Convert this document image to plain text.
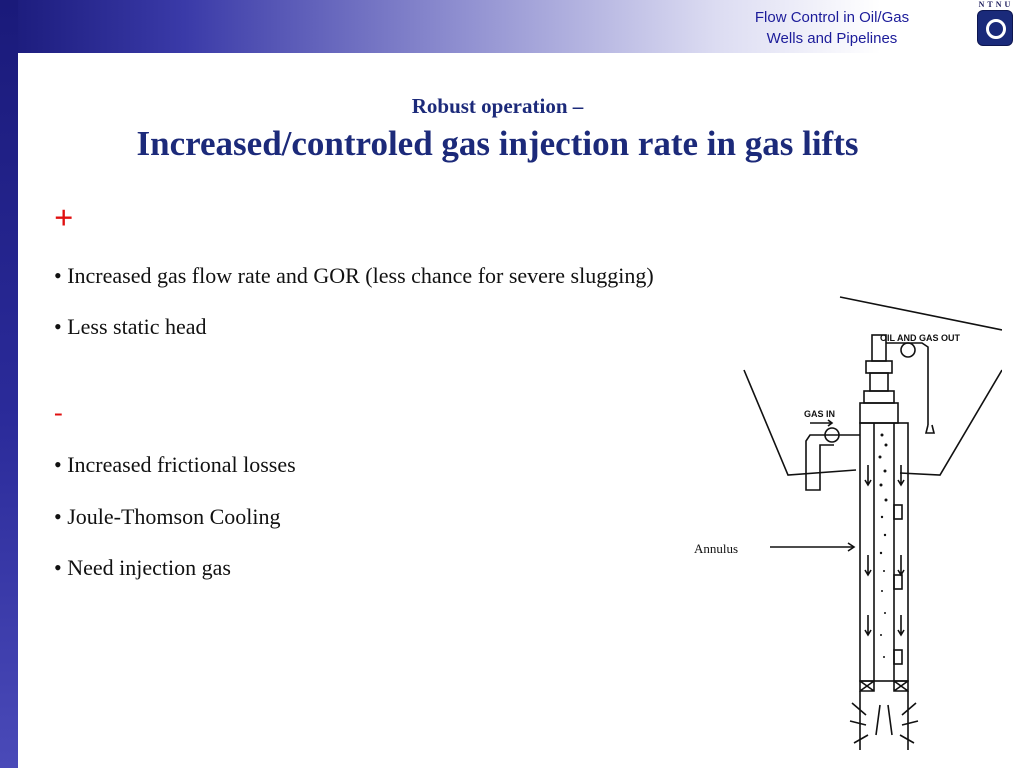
Flow Control in Oil/Gas
Wells and Pipelines
NTNU
Robust operation –
Increased/controled gas injection rate in gas lifts
+
• Increased gas flow rate and GOR (less chance for severe slugging)
• Less static head
-
• Increased frictional losses
• Joule-Thomson Cooling
• Need injection gas
Annulus
OIL AND GAS OUT
GAS IN
